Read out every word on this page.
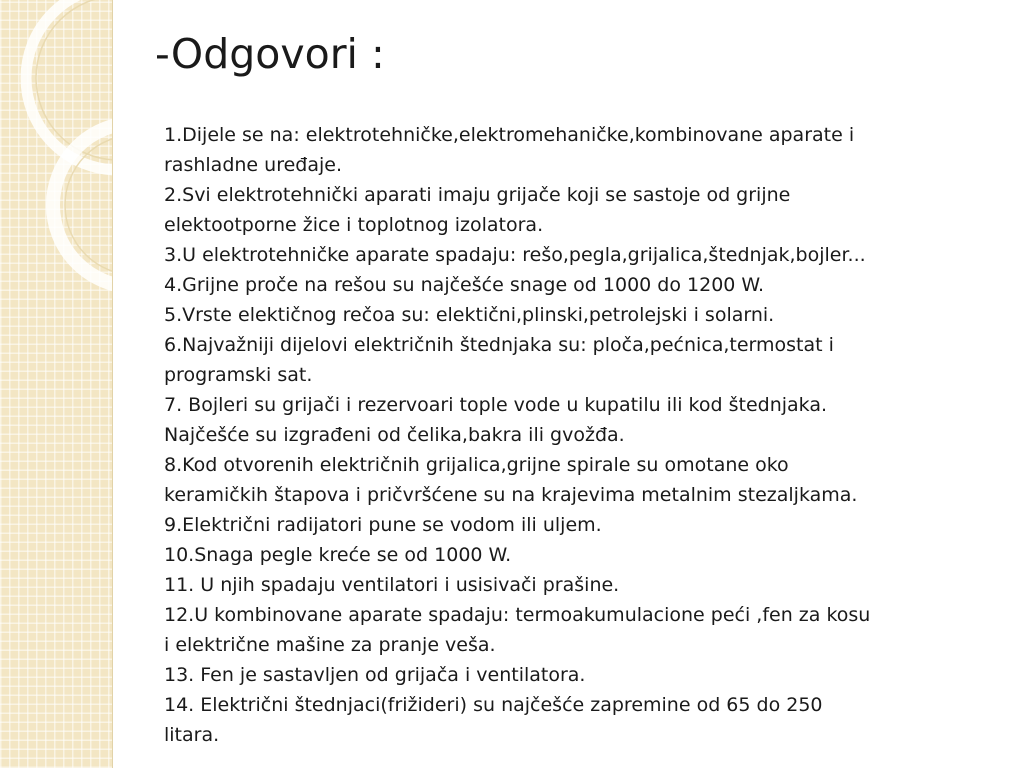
-Odgovori :
1.Dijele se na: elektrotehničke,elektromehaničke,kombinovane aparate i
rashladne uređaje.
2.Svi elektrotehnički aparati imaju grijače koji se sastoje od grijne
elektootporne žice i toplotnog izolatora.
3.U elektrotehničke aparate spadaju: rešo,pegla,grijalica,štednjak,bojler...
4.Grijne proče na rešou su najčešće snage od 1000 do 1200 W.
5.Vrste elektičnog rečoa su: elektični,plinski,petrolejski i solarni.
6.Najvažniji dijelovi električnih štednjaka su: ploča,pećnica,termostat i
programski sat.
7. Bojleri su grijači i rezervoari tople vode u kupatilu ili kod štednjaka.
Najčešće su izgrađeni od čelika,bakra ili gvožđa.
8.Kod otvorenih električnih grijalica,grijne spirale su omotane oko
keramičkih štapova i pričvršćene su na krajevima metalnim stezaljkama.
9.Električni radijatori pune se vodom ili uljem.
10.Snaga pegle kreće se od 1000 W.
11. U njih spadaju ventilatori i usisivači prašine.
12.U kombinovane aparate spadaju: termoakumulacione peći ,fen za kosu
i električne mašine za pranje veša.
13. Fen je sastavljen od grijača i ventilatora.
14. Električni štednjaci(frižideri) su najčešće zapremine od 65 do 250
litara.
